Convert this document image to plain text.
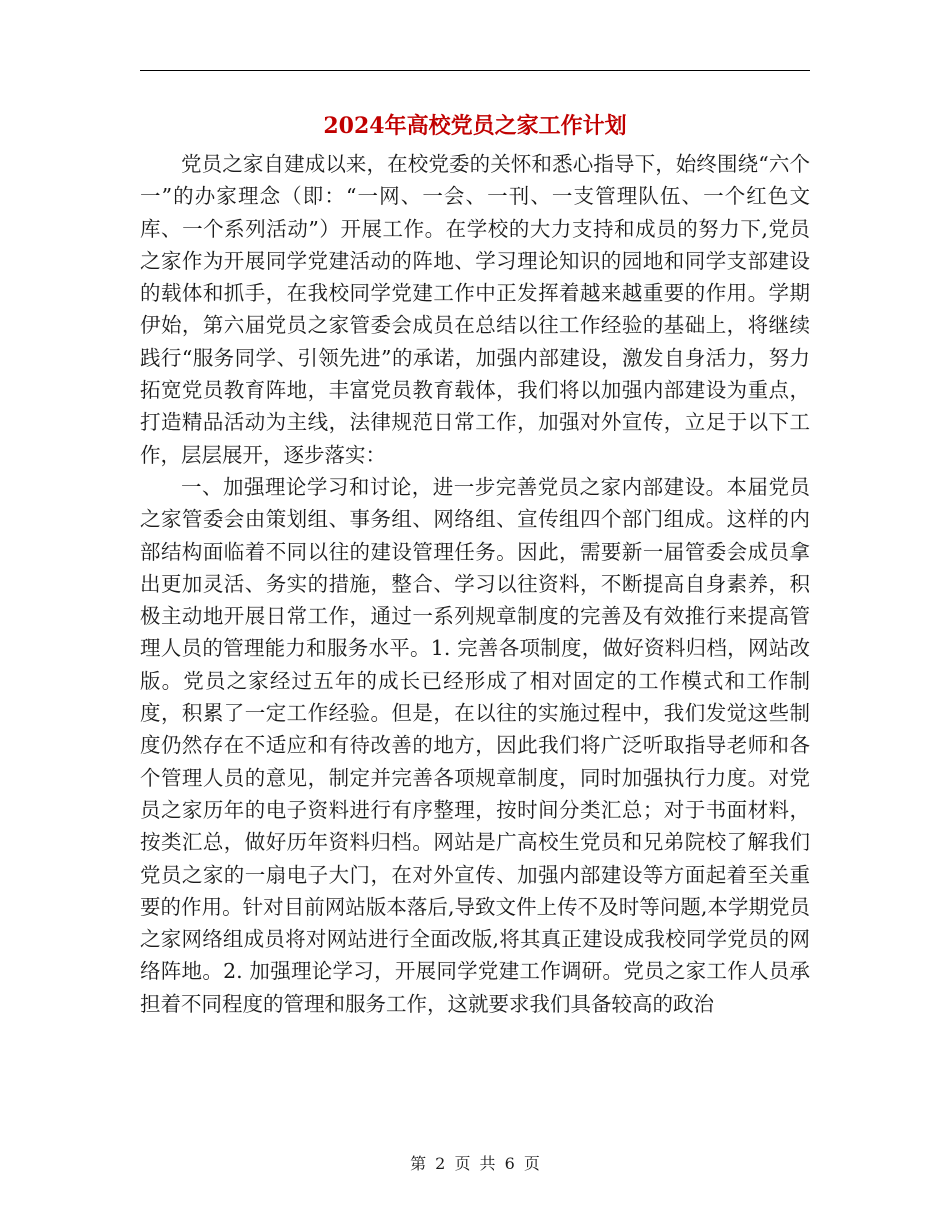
2024年高校党员之家工作计划

党员之家自建成以来，在校党委的关怀和悉心指导下，始终围绕“六个一”的办家理念（即：“一网、一会、一刊、一支管理队伍、一个红色文库、一个系列活动”）开展工作。在学校的大力支持和成员的努力下,党员之家作为开展同学党建活动的阵地、学习理论知识的园地和同学支部建设的载体和抓手，在我校同学党建工作中正发挥着越来越重要的作用。学期伊始，第六届党员之家管委会成员在总结以往工作经验的基础上，将继续践行“服务同学、引领先进”的承诺，加强内部建设，激发自身活力，努力拓宽党员教育阵地，丰富党员教育载体，我们将以加强内部建设为重点，打造精品活动为主线，法律规范日常工作，加强对外宣传，立足于以下工作，层层展开，逐步落实：

一、加强理论学习和讨论，进一步完善党员之家内部建设。本届党员之家管委会由策划组、事务组、网络组、宣传组四个部门组成。这样的内部结构面临着不同以往的建设管理任务。因此，需要新一届管委会成员拿出更加灵活、务实的措施，整合、学习以往资料，不断提高自身素养，积极主动地开展日常工作，通过一系列规章制度的完善及有效推行来提高管理人员的管理能力和服务水平。1. 完善各项制度，做好资料归档，网站改版。党员之家经过五年的成长已经形成了相对固定的工作模式和工作制度，积累了一定工作经验。但是，在以往的实施过程中，我们发觉这些制度仍然存在不适应和有待改善的地方，因此我们将广泛听取指导老师和各个管理人员的意见，制定并完善各项规章制度，同时加强执行力度。对党员之家历年的电子资料进行有序整理，按时间分类汇总；对于书面材料，按类汇总，做好历年资料归档。网站是广高校生党员和兄弟院校了解我们党员之家的一扇电子大门，在对外宣传、加强内部建设等方面起着至关重要的作用。针对目前网站版本落后,导致文件上传不及时等问题,本学期党员之家网络组成员将对网站进行全面改版,将其真正建设成我校同学党员的网络阵地。2. 加强理论学习，开展同学党建工作调研。党员之家工作人员承担着不同程度的管理和服务工作，这就要求我们具备较高的政治

第 2 页 共 6 页
